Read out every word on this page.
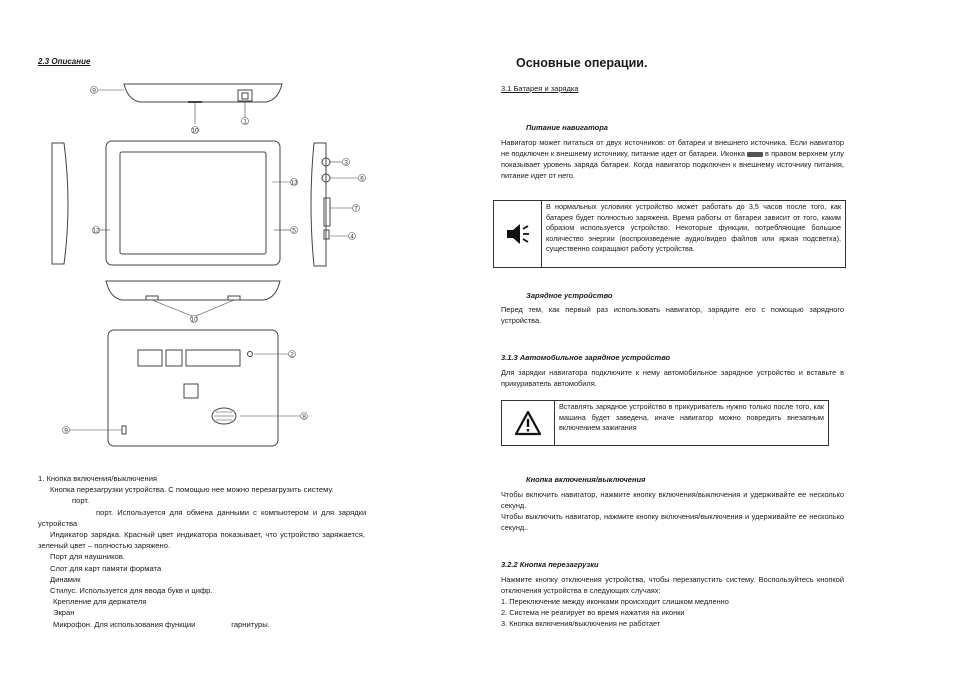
2.3 Описание
9
10
1
13
12	5
3
6
7
4
10
2
8
9
1. Кнопка включения/выключения
Кнопка перезагрузки устройства. С помощью нее можно перезагрузить систему.
порт.
порт. Используется для обмена данными с компьютером и для зарядки
устройства
Индикатор зарядка. Красный цвет индикатора показывает, что устройство заряжается,
зеленый цвет – полностью заряжено.
Порт для наушников.
Слот для карт памяти формата
Динамик
Стилус. Используется для ввода букв и цифр.
Крепление для держателя
Экран
Микрофон. Для использования функции                 гарнитуры.
Основные операции.
3.1 Батарея и зарядка
Питание навигатора

Навигатор может питаться от двух источников: от батареи и внешнего источника. Если навигатор не подключен к внешнему источнику, питание идет от батареи. Иконка	в правом верхнем углу показывает уровень заряда батареи. Когда навигатор подключен к внешнему источнику питания, питание идет от него.

В нормальных условиях устройство может работать до 3,5 часов после того, как батарея будет полностью заряжена. Время работы от батареи зависит от того, каким образом используется устройство. Некоторые функции, потребляющие большое количество энергии (воспроизведение аудио/видео файлов или яркая подсветка), существенно сокращают работу устройства.
Зарядное устройство
Перед тем, как первый раз использовать навигатор, зарядите его с помощью зарядного устройства.
3.1.3 Автомобильное зарядное устройство
Для зарядки навигатора подключите к нему автомобильное зарядное устройство и вставьте в прикуриватель автомобиля.
Вставлять зарядное устройство в прикуриватель нужно только после того, как машина будет заведена, иначе навигатор можно повредить внезапным включением зажигания
Кнопка включения/выключения

Чтобы включить навигатор, нажмите кнопку включения/выключения и удерживайте ее несколько секунд.

Чтобы выключить навигатор, нажмите кнопку включения/выключения и удерживайте ее несколько секунд..

3.2.2 Кнопка перезагрузки

Нажмите кнопку отключения устройства, чтобы перезапустить систему. Воспользуйтесь кнопкой отключения устройства в следующих случаях:

1. Переключение между иконками происходит слишком медленно

2. Система не реагирует во время нажатия на иконки

3. Кнопка включения/выключения не работает
